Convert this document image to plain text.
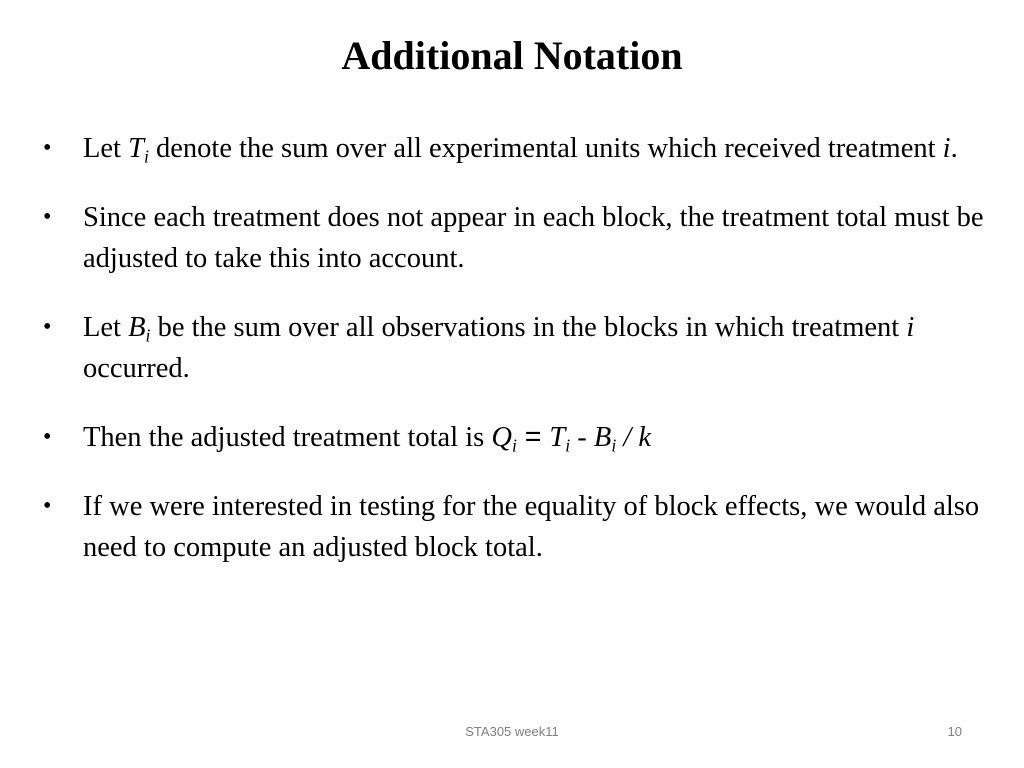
Additional Notation
• Let $T_i$ denote the sum over all experimental units which received treatment i.
• Since each treatment does not appear in each block, the treatment total must be adjusted to take this into account.
• Let $B_i$ be the sum over all observations in the blocks in which treatment i occurred.
• Then the adjusted treatment total is $Q_i = T_i - B_i / k$
• If we were interested in testing for the equality of block effects, we would also need to compute an adjusted block total.
STA305 week11	10
